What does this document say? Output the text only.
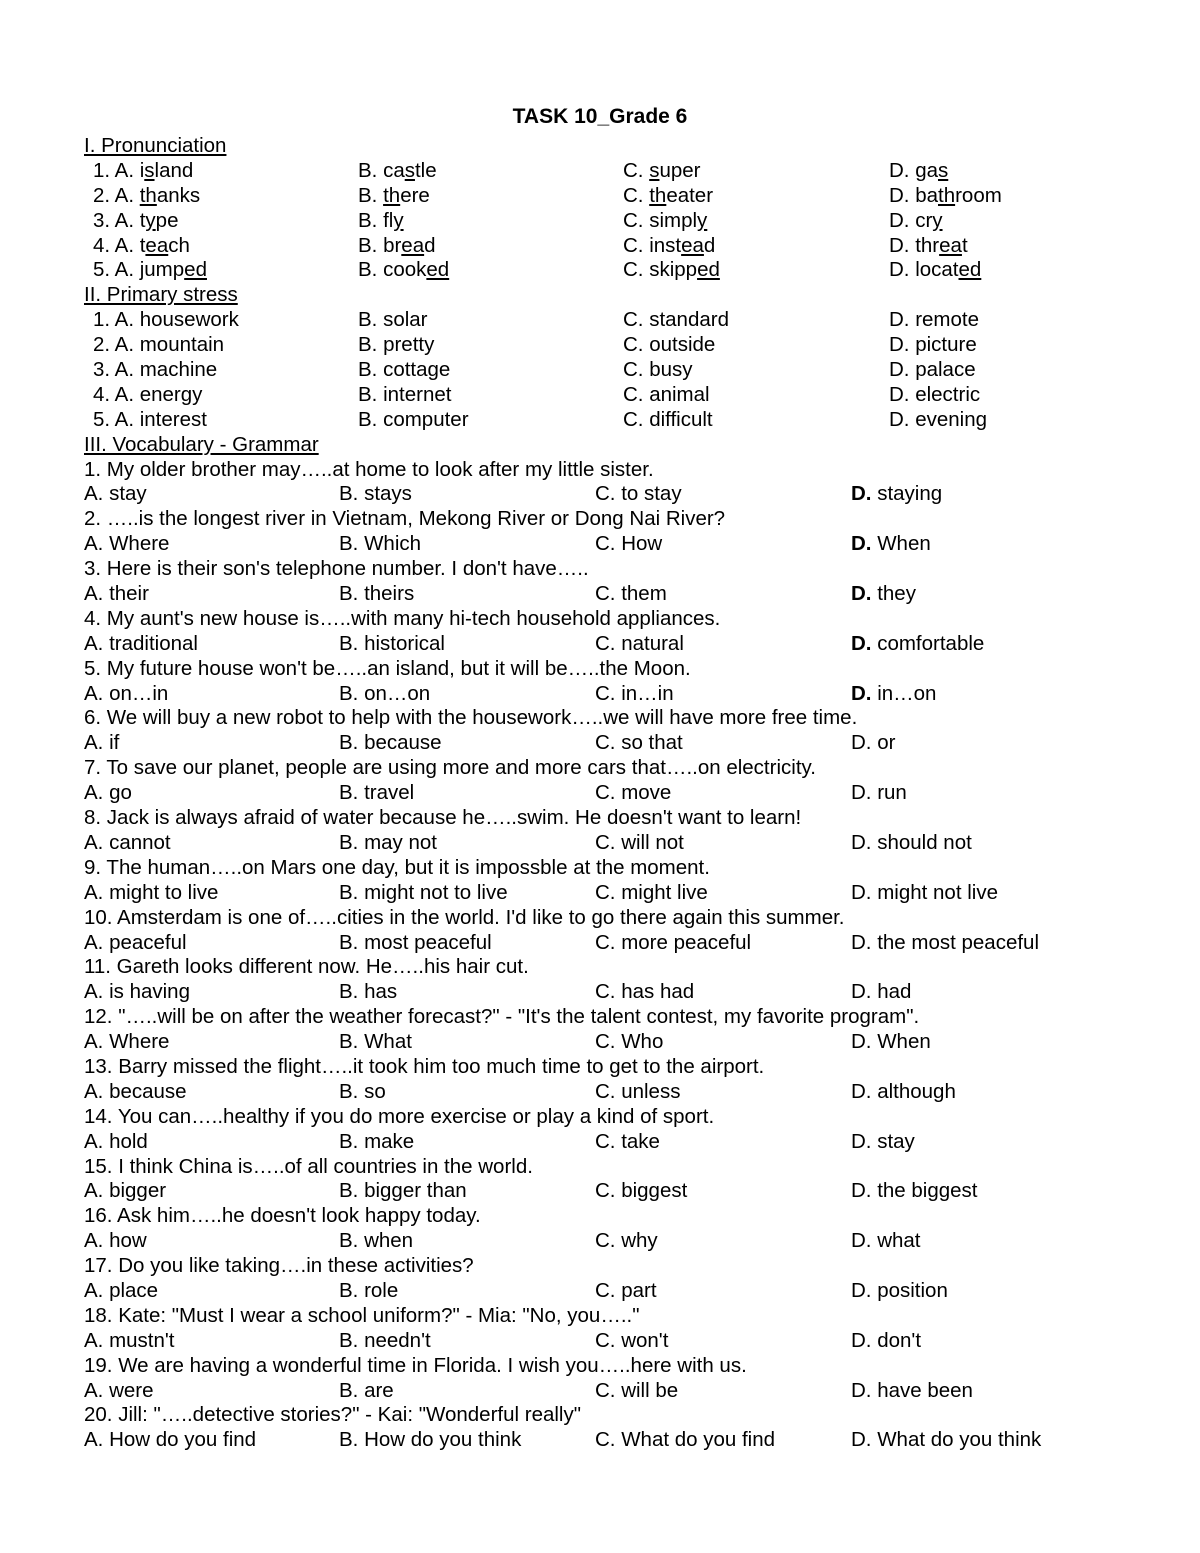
TASK 10_Grade 6
I. Pronunciation
1. A. island	B. castle	C. super	D. gas
2. A. thanks	B. there	C. theater	D. bathroom
3. A. type	B. fly	C. simply	D. cry
4. A. teach	B. bread	C. instead	D. threat
5. A. jumped	B. cooked	C. skipped	D. located
II. Primary stress
1. A. housework	B. solar	C. standard	D. remote
2. A. mountain	B. pretty	C. outside	D. picture
3. A. machine	B. cottage	C. busy	D. palace
4. A. energy	B. internet	C. animal	D. electric
5. A. interest	B. computer	C. difficult	D. evening
III. Vocabulary - Grammar
1. My older brother may…..at home to look after my little sister.
A. stay	B. stays	C. to stay	D. staying
2. …..is the longest river in Vietnam, Mekong River or Dong Nai River?
A. Where	B. Which	C. How	D. When
3. Here is their son's telephone number. I don't have…..
A. their	B. theirs	C. them	D. they
4. My aunt's new house is…..with many hi-tech household appliances.
A. traditional	B. historical	C. natural	D. comfortable
5. My future house won't be…..an island, but it will be…..the Moon.
A. on…in	B. on…on	C. in…in	D. in…on
6. We will buy a new robot to help with the housework…..we will have more free time.
A. if	B. because	C. so that	D. or
7. To save our planet, people are using more and more cars that…..on electricity.
A. go	B. travel	C. move	D. run
8. Jack is always afraid of water because he…..swim. He doesn't want to learn!
A. cannot	B. may not	C. will not	D. should not
9. The human…..on Mars one day, but it is impossble at the moment.
A. might to live	B. might not to live	C. might live	D. might not live
10. Amsterdam is one of…..cities in the world. I'd like to go there again this summer.
A. peaceful	B. most peaceful	C. more peaceful	D. the most peaceful
11. Gareth looks different now. He…..his hair cut.
A. is having	B. has	C. has had	D. had
12. "…..will be on after the weather forecast?" - "It's the talent contest, my favorite program".
A. Where	B. What	C. Who	D. When
13. Barry missed the flight…..it took him too much time to get to the airport.
A. because	B. so	C. unless	D. although
14. You can…..healthy if you do more exercise or play a kind of sport.
A. hold	B. make	C. take	D. stay
15. I think China is…..of all countries in the world.
A. bigger	B. bigger than	C. biggest	D. the biggest
16. Ask him…..he doesn't look happy today.
A. how	B. when	C. why	D. what
17. Do you like taking….in these activities?
A. place	B. role	C. part	D. position
18. Kate: "Must I wear a school uniform?" - Mia: "No, you….."
A. mustn't	B. needn't	C. won't	D. don't
19. We are having a wonderful time in Florida. I wish you…..here with us.
A. were	B. are	C. will be	D. have been
20. Jill: "…..detective stories?" - Kai: "Wonderful really"
A. How do you find	B. How do you think	C. What do you find	D. What do you think
